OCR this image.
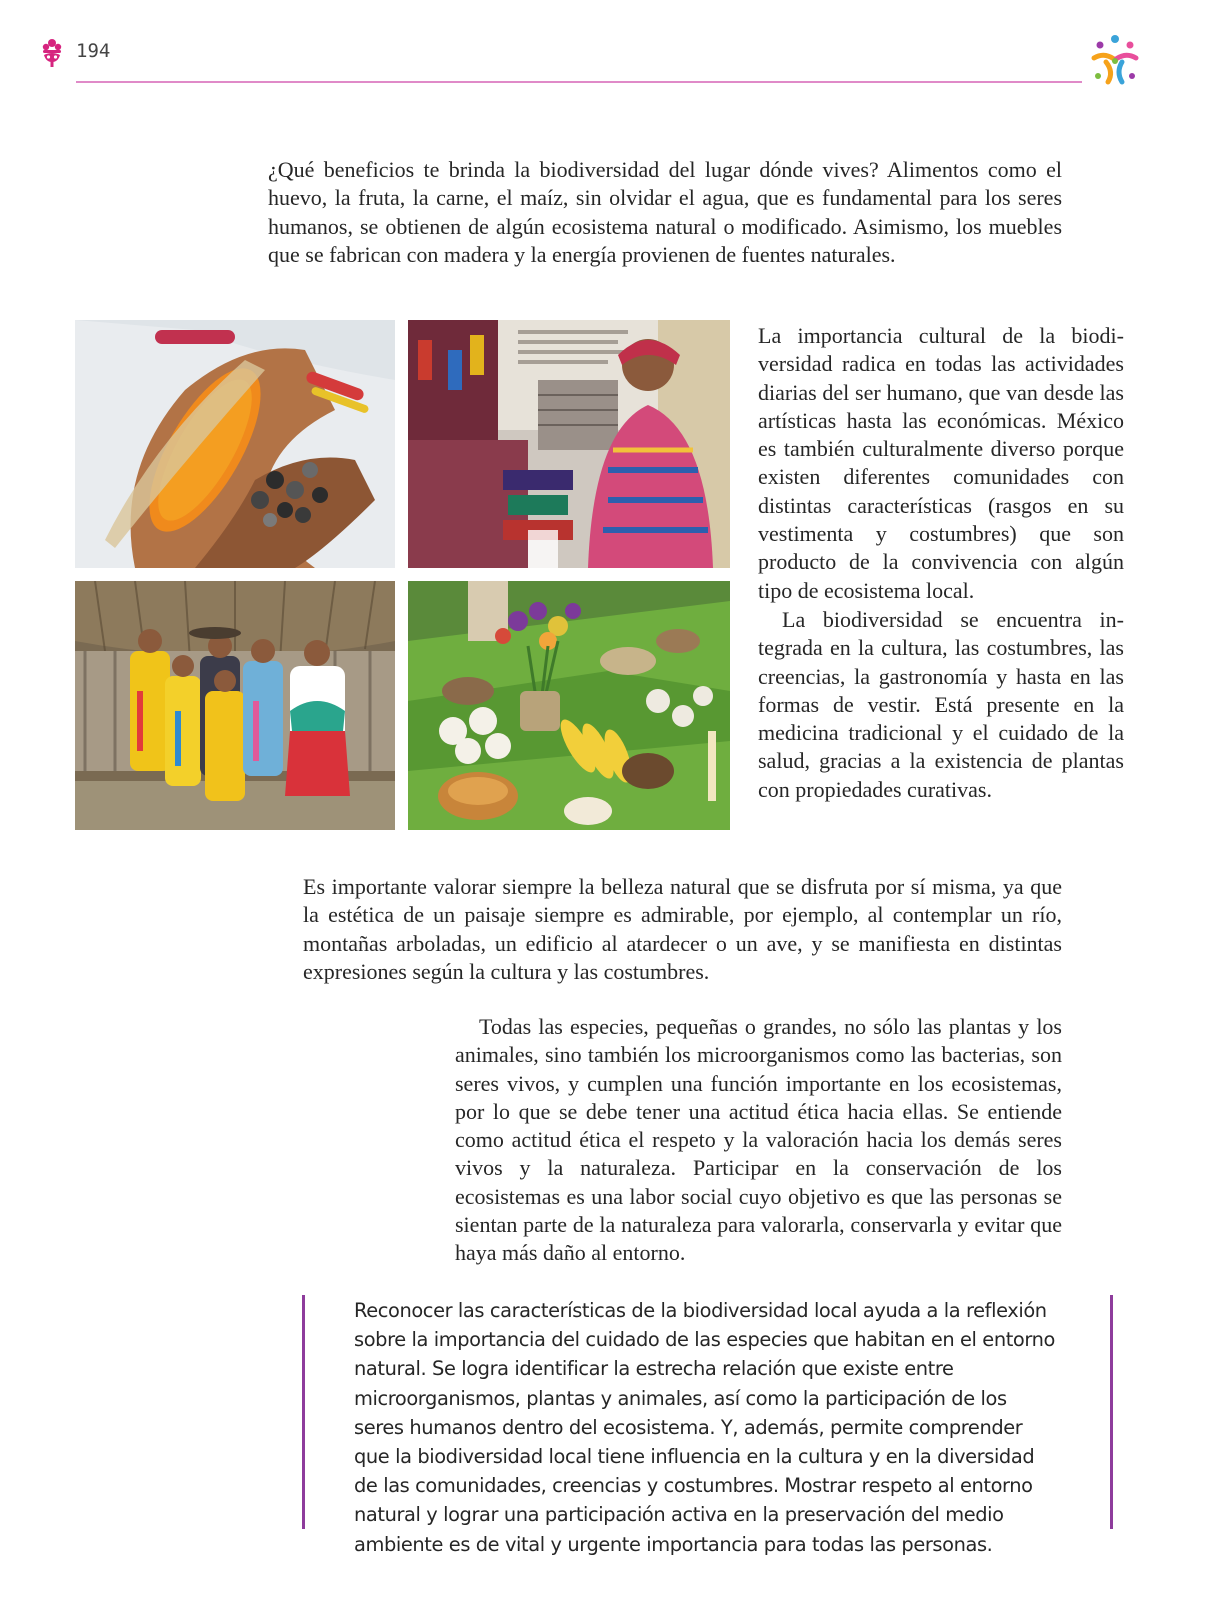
194

¿Qué beneficios te brinda la biodiversidad del lugar dónde vives? Alimentos como el huevo, la fruta, la carne, el maíz, sin olvidar el agua, que es fundamental para los seres humanos, se obtienen de algún ecosistema natural o modificado. Asimismo, los muebles que se fabrican con madera y la energía provienen de fuentes naturales.

La importancia cultural de la biodiversidad radica en todas las actividades diarias del ser humano, que van desde las artísticas hasta las económicas. México es también culturalmente diverso porque existen diferentes comunidades con distintas características (rasgos en su vestimenta y costumbres) que son producto de la convivencia con algún tipo de ecosistema local.

La biodiversidad se encuentra integrada en la cultura, las costumbres, las creencias, la gastronomía y hasta en las formas de vestir. Está presente en la medicina tradicional y el cuidado de la salud, gracias a la existencia de plantas con propiedades curativas.

Es importante valorar siempre la belleza natural que se disfruta por sí misma, ya que la estética de un paisaje siempre es admirable, por ejemplo, al contemplar un río, montañas arboladas, un edificio al atardecer o un ave, y se manifiesta en distintas expresiones según la cultura y las costumbres.

Todas las especies, pequeñas o grandes, no sólo las plantas y los animales, sino también los microorganismos como las bacterias, son seres vivos, y cumplen una función importante en los ecosistemas, por lo que se debe tener una actitud ética hacia ellas. Se entiende como actitud ética el respeto y la valoración hacia los demás seres vivos y la naturaleza. Participar en la conservación de los ecosistemas es una labor social cuyo objetivo es que las personas se sientan parte de la naturaleza para valorarla, conservarla y evitar que haya más daño al entorno.

Reconocer las características de la biodiversidad local ayuda a la reflexión sobre la importancia del cuidado de las especies que habitan en el entorno natural. Se logra identificar la estrecha relación que existe entre microorganismos, plantas y animales, así como la participación de los seres humanos dentro del ecosistema. Y, además, permite comprender que la biodiversidad local tiene influencia en la cultura y en la diversidad de las comunidades, creencias y costumbres. Mostrar respeto al entorno natural y lograr una participación activa en la preservación del medio ambiente es de vital y urgente importancia para todas las personas.
